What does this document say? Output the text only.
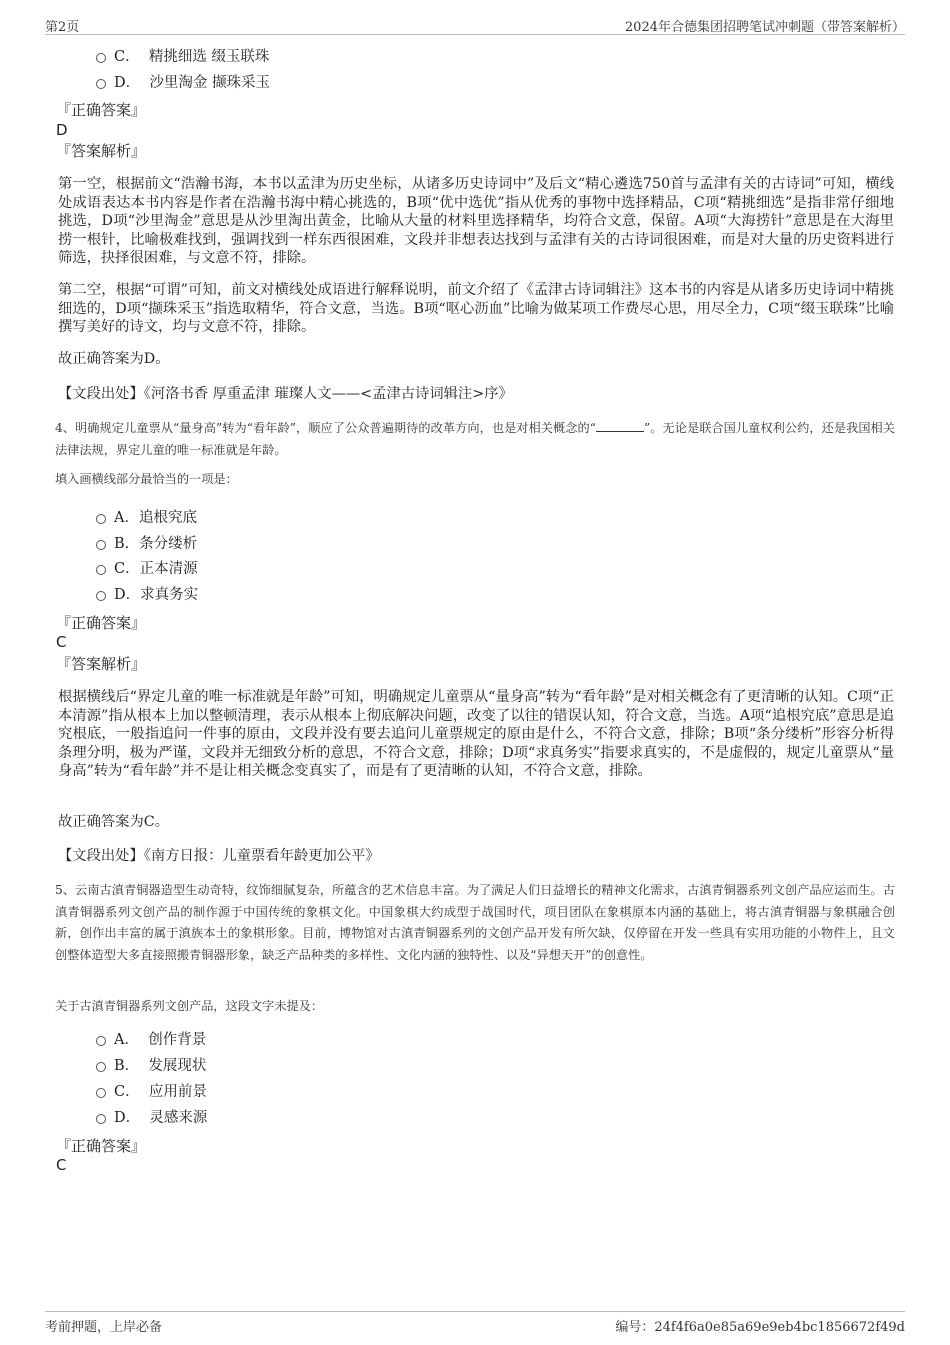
第2页	2024年合德集团招聘笔试冲刺题（带答案解析）
C． 精挑细选 缀玉联珠
D． 沙里淘金 撷珠采玉
『正确答案』
D
『答案解析』

第一空，根据前文“浩瀚书海，本书以孟津为历史坐标，从诸多历史诗词中”及后文“精心遴选750首与孟津有关的古诗词”可知，横线处成语表达本书内容是作者在浩瀚书海中精心挑选的，B项“优中选优”指从优秀的事物中选择精品，C项“精挑细选”是指非常仔细地挑选，D项“沙里淘金”意思是从沙里淘出黄金，比喻从大量的材料里选择精华，均符合文意，保留。A项“大海捞针”意思是在大海里捞一根针，比喻极难找到，强调找到一样东西很困难，文段并非想表达找到与孟津有关的古诗词很困难，而是对大量的历史资料进行筛选，抉择很困难，与文意不符，排除。

第二空，根据“可谓”可知，前文对横线处成语进行解释说明，前文介绍了《孟津古诗词辑注》这本书的内容是从诸多历史诗词中精挑细选的，D项“撷珠采玉”指选取精华，符合文意，当选。B项“呕心沥血”比喻为做某项工作费尽心思，用尽全力，C项“缀玉联珠”比喻撰写美好的诗文，均与文意不符，排除。

故正确答案为D。

【文段出处】《河洛书香 厚重孟津 璀璨人文——<孟津古诗词辑注>序》

4、明确规定儿童票从“量身高”转为“看年龄”，顺应了公众普遍期待的改革方向，也是对相关概念的“	”。无论是联合国儿童权利公约，还是我国相关法律法规，界定儿童的唯一标准就是年龄。

填入画横线部分最恰当的一项是：
A．追根究底
B．条分缕析
C．正本清源
D．求真务实
『正确答案』
C
『答案解析』

根据横线后“界定儿童的唯一标准就是年龄”可知，明确规定儿童票从“量身高”转为“看年龄”是对相关概念有了更清晰的认知。C项“正本清源”指从根本上加以整顿清理，表示从根本上彻底解决问题，改变了以往的错误认知，符合文意，当选。A项“追根究底”意思是追究根底，一般指追问一件事的原由，文段并没有要去追问儿童票规定的原由是什么，不符合文意，排除；B项“条分缕析”形容分析得条理分明，极为严谨，文段并无细致分析的意思，不符合文意，排除；D项“求真务实”指要求真实的，不是虚假的，规定儿童票从“量身高”转为“看年龄”并不是让相关概念变真实了，而是有了更清晰的认知，不符合文意，排除。

故正确答案为C。

【文段出处】《南方日报：儿童票看年龄更加公平》

5、云南古滇青铜器造型生动奇特，纹饰细腻复杂，所蕴含的艺术信息丰富。为了满足人们日益增长的精神文化需求，古滇青铜器系列文创产品应运而生。古滇青铜器系列文创产品的制作源于中国传统的象棋文化。中国象棋大约成型于战国时代，项目团队在象棋原本内涵的基础上，将古滇青铜器与象棋融合创新，创作出丰富的属于滇族本土的象棋形象。目前，博物馆对古滇青铜器系列的文创产品开发有所欠缺，仅停留在开发一些具有实用功能的小物件上，且文创整体造型大多直接照搬青铜器形象，缺乏产品种类的多样性、文化内涵的独特性、以及“异想天开”的创意性。

关于古滇青铜器系列文创产品，这段文字未提及：
A． 创作背景
B． 发展现状
C． 应用前景
D． 灵感来源
『正确答案』
C
考前押题，上岸必备	编号：24f4f6a0e85a69e9eb4bc1856672f49d
